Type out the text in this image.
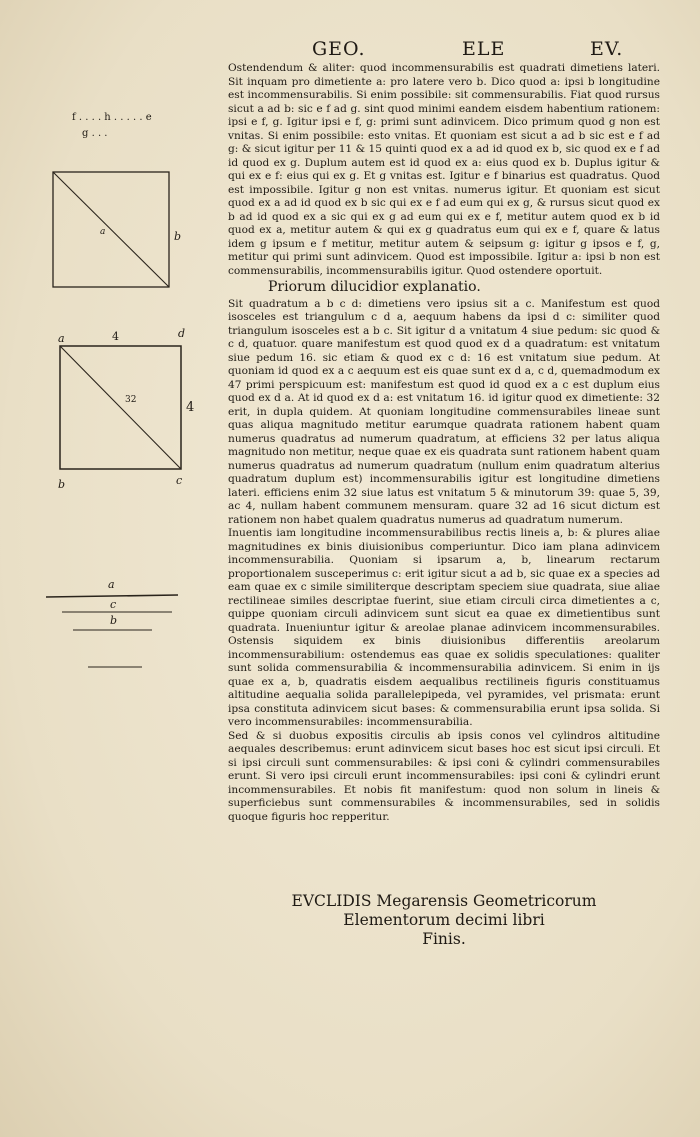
GEO.	ELE	EV.
f . . . . h . . . . . e
g . . .
a	b
a	4	d
4
32
b	c
a
c
b

Ostendendum & aliter: quod incommensurabilis est quadrati dimetiens lateri. Sit inquam pro dimetiente a: pro latere vero b. Dico quod a: ipsi b longitudine est incommensurabilis. Si enim possibile: sit commensurabilis. Fiat quod rursus sicut a ad b: sic e f ad g. sint quod minimi eandem eisdem habentium rationem: ipsi e f, g. Igitur ipsi e f, g: primi sunt adinvicem. Dico primum quod g non est vnitas. Si enim possibile: esto vnitas. Et quoniam est sicut a ad b sic est e f ad g: & sicut igitur per 11 & 15 quinti quod ex a ad id quod ex b, sic quod ex e f ad id quod ex g. Duplum autem est id quod ex a: eius quod ex b. Duplus igitur & qui ex e f: eius qui ex g. Et g vnitas est. Igitur e f binarius est quadratus. Quod est impossibile. Igitur g non est vnitas. numerus igitur. Et quoniam est sicut quod ex a ad id quod ex b sic qui ex e f ad eum qui ex g, & rursus sicut quod ex b ad id quod ex a sic qui ex g ad eum qui ex e f, metitur autem quod ex b id quod ex a, metitur autem & qui ex g quadratus eum qui ex e f, quare & latus idem g ipsum e f metitur, metitur autem & seipsum g: igitur g ipsos e f, g, metitur qui primi sunt adinvicem. Quod est impossibile. Igitur a: ipsi b non est commensurabilis, incommensurabilis igitur. Quod ostendere oportuit.

Priorum dilucidior explanatio.

Sit quadratum a b c d: dimetiens vero ipsius sit a c. Manifestum est quod isosceles est triangulum c d a, aequum habens da ipsi d c: similiter quod triangulum isosceles est a b c. Sit igitur d a vnitatum 4 siue pedum: sic quod & c d, quatuor. quare manifestum est quod quod ex d a quadratum: est vnitatum siue pedum 16. sic etiam & quod ex c d: 16 est vnitatum siue pedum. At quoniam id quod ex a c aequum est eis quae sunt ex d a, c d, quemadmodum ex 47 primi perspicuum est: manifestum est quod id quod ex a c est duplum eius quod ex d a. At id quod ex d a: est vnitatum 16. id igitur quod ex dimetiente: 32 erit, in dupla quidem. At quoniam longitudine commensurabiles lineae sunt quas aliqua magnitudo metitur earumque quadrata rationem habent quam numerus quadratus ad numerum quadratum, at efficiens 32 per latus aliqua magnitudo non metitur, neque quae ex eis quadrata sunt rationem habent quam numerus quadratus ad numerum quadratum (nullum enim quadratum alterius quadratum duplum est) incommensurabilis igitur est longitudine dimetiens lateri. efficiens enim 32 siue latus est vnitatum 5 & minutorum 39: quae 5, 39, ac 4, nullam habent communem mensuram. quare 32 ad 16 sicut dictum est rationem non habet qualem quadratus numerus ad quadratum numerum.

Inuentis iam longitudine incommensurabilibus rectis lineis a, b: & plures aliae magnitudines ex binis diuisionibus comperiuntur. Dico iam plana adinvicem incommensurabilia. Quoniam si ipsarum a, b, linearum rectarum proportionalem susceperimus c: erit igitur sicut a ad b, sic quae ex a species ad eam quae ex c simile similiterque descriptam speciem siue quadrata, siue aliae rectilineae similes descriptae fuerint, siue etiam circuli circa dimetientes a c, quippe quoniam circuli adinvicem sunt sicut ea quae ex dimetientibus sunt quadrata. Inueniuntur igitur & areolae planae adinvicem incommensurabiles. Ostensis siquidem ex binis diuisionibus differentiis areolarum incommensurabilium: ostendemus eas quae ex solidis speculationes: qualiter sunt solida commensurabilia & incommensurabilia adinvicem. Si enim in ijs quae ex a, b, quadratis eisdem aequalibus rectilineis figuris constituamus altitudine aequalia solida parallelepipeda, vel pyramides, vel prismata: erunt ipsa constituta adinvicem sicut bases: & commensurabilia erunt ipsa solida. Si vero incommensurabiles: incommensurabilia.

Sed & si duobus expositis circulis ab ipsis conos vel cylindros altitudine aequales describemus: erunt adinvicem sicut bases hoc est sicut ipsi circuli. Et si ipsi circuli sunt commensurabiles: & ipsi coni & cylindri commensurabiles erunt. Si vero ipsi circuli erunt incommensurabiles: ipsi coni & cylindri erunt incommensurabiles. Et nobis fit manifestum: quod non solum in lineis & superficiebus sunt commensurabiles & incommensurabiles, sed in solidis quoque figuris hoc repperitur.

EVCLIDIS Megarensis Geometricorum
Elementorum decimi libri
Finis.
